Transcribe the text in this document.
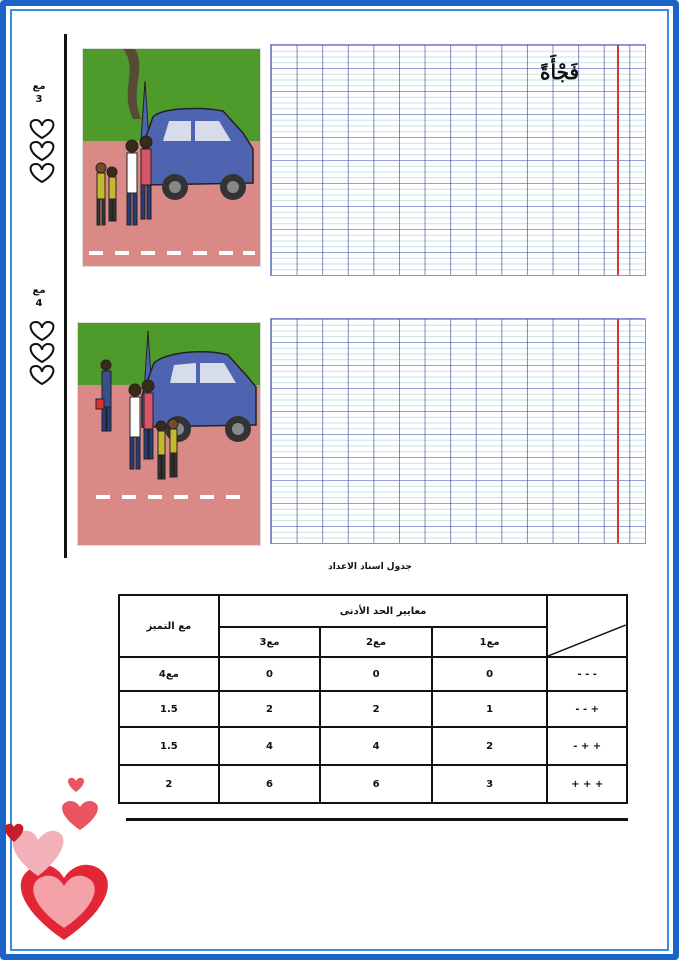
مع
3
فَجْأَةً
مع
4
جدول اسناد الاعداد
	معايير الحد الأدنى			مع التميز
	مع1	مع2	مع3	
- - -	0	0	0	مع4
+ - -	1	2	2	1.5
+ + -	2	4	4	1.5
+ + +	3	6	6	2
